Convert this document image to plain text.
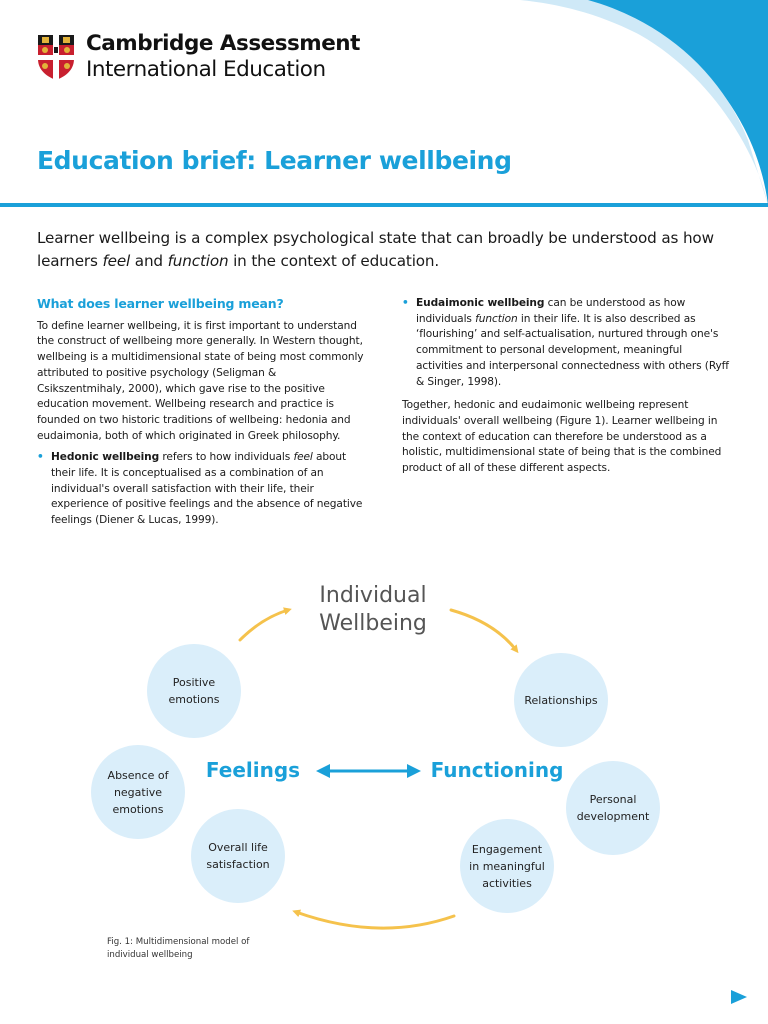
Cambridge Assessment
International Education
Education brief: Learner wellbeing

Learner wellbeing is a complex psychological state that can broadly be understood as how learners feel and function in the context of education.

What does learner wellbeing mean?

To define learner wellbeing, it is first important to understand the construct of wellbeing more generally. In Western thought, wellbeing is a multidimensional state of being most commonly attributed to positive psychology (Seligman & Csikszentmihaly, 2000), which gave rise to the positive education movement. Wellbeing research and practice is founded on two historic traditions of wellbeing: hedonia and eudaimonia, both of which originated in Greek philosophy.

• Hedonic wellbeing refers to how individuals feel about their life. It is conceptualised as a combination of an individual's overall satisfaction with their life, their experience of positive feelings and the absence of negative feelings (Diener & Lucas, 1999).
• Eudaimonic wellbeing can be understood as how individuals function in their life. It is also described as ‘flourishing’ and self-actualisation, nurtured through one's commitment to personal development, meaningful activities and interpersonal connectedness with others (Ryff & Singer, 1998).

Together, hedonic and eudaimonic wellbeing represent individuals' overall wellbeing (Figure 1). Learner wellbeing in the context of education can therefore be understood as a holistic, multidimensional state of being that is the combined product of all of these different aspects.

Individual
Wellbeing
Feelings	Functioning
Positive emotions
Absence of negative emotions
Overall life satisfaction
Relationships
Personal development
Engagement in meaningful activities
Fig. 1: Multidimensional model of individual wellbeing
